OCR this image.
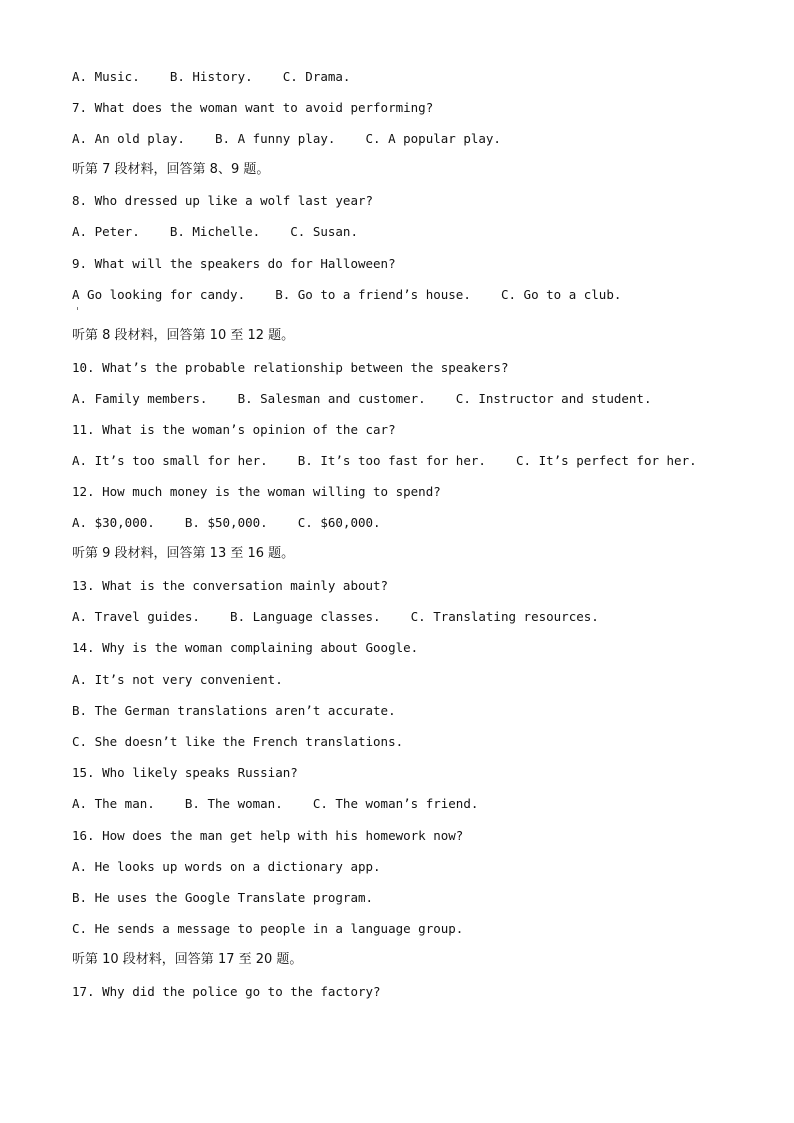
A. Music.    B. History.    C. Drama.
7. What does the woman want to avoid performing?
A. An old play.    B. A funny play.    C. A popular play.
听第 7 段材料，回答第 8、9 题。
8. Who dressed up like a wolf last year?
A. Peter.    B. Michelle.    C. Susan.
9. What will the speakers do for Halloween?
A Go looking for candy.    B. Go to a friend’s house.    C. Go to a club.
听第 8 段材料，回答第 10 至 12 题。
10. What’s the probable relationship between the speakers?
A. Family members.    B. Salesman and customer.    C. Instructor and student.
11. What is the woman’s opinion of the car?
A. It’s too small for her.    B. It’s too fast for her.    C. It’s perfect for her.
12. How much money is the woman willing to spend?
A. $30,000.    B. $50,000.    C. $60,000.
听第 9 段材料，回答第 13 至 16 题。
13. What is the conversation mainly about?
A. Travel guides.    B. Language classes.    C. Translating resources.
14. Why is the woman complaining about Google.
A. It’s not very convenient.
B. The German translations aren’t accurate.
C. She doesn’t like the French translations.
15. Who likely speaks Russian?
A. The man.    B. The woman.    C. The woman’s friend.
16. How does the man get help with his homework now?
A. He looks up words on a dictionary app.
B. He uses the Google Translate program.
C. He sends a message to people in a language group.
听第 10 段材料，回答第 17 至 20 题。
17. Why did the police go to the factory?
